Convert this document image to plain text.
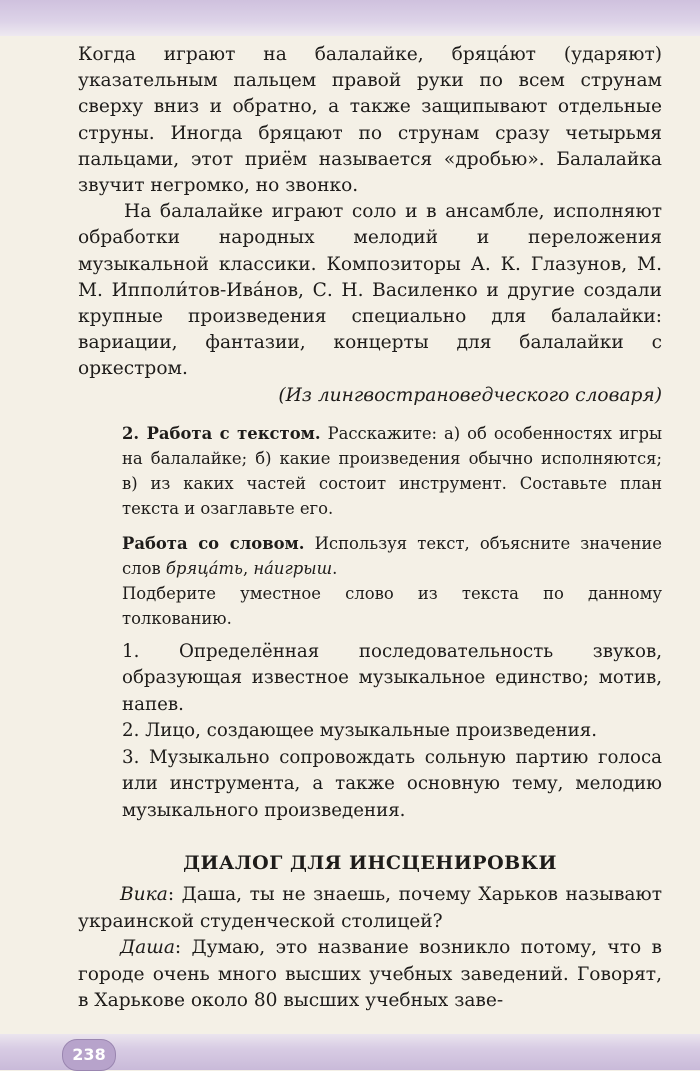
Когда играют на балалайке, бряца́ют (ударяют) указательным пальцем правой руки по всем струнам сверху вниз и обратно, а также защипывают отдельные струны. Иногда бряцают по струнам сразу четырьмя пальцами, этот приём называется «дробью». Балалайка звучит негромко, но звонко.

На балалайке играют соло и в ансамбле, исполняют обработки народных мелодий и переложения музыкальной классики. Композиторы А. К. Глазунов, М. М. Ипполи́тов-Ива́нов, С. Н. Василенко и другие создали крупные произведения специально для балалайки: вариации, фантазии, концерты для балалайки с оркестром.

(Из лингвострановедческого словаря)

2. Работа с текстом. Расскажите: а) об особенностях игры на балалайке; б) какие произведения обычно исполняются; в) из каких частей состоит инструмент. Составьте план текста и озаглавьте его.

Работа со словом. Используя текст, объясните значение слов бряца́ть, на́игрыш.

Подберите уместное слово из текста по данному толкованию.

1. Определённая последовательность звуков, образующая известное музыкальное единство; мотив, напев.

2. Лицо, создающее музыкальные произведения.

3. Музыкально сопровождать сольную партию голоса или инструмента, а также основную тему, мелодию музыкального произведения.

ДИАЛОГ ДЛЯ ИНСЦЕНИРОВКИ

Вика: Даша, ты не знаешь, почему Харьков называют украинской студенческой столицей?

Даша: Думаю, это название возникло потому, что в городе очень много высших учебных заведений. Говорят, в Харькове около 80 высших учебных заве-

238
